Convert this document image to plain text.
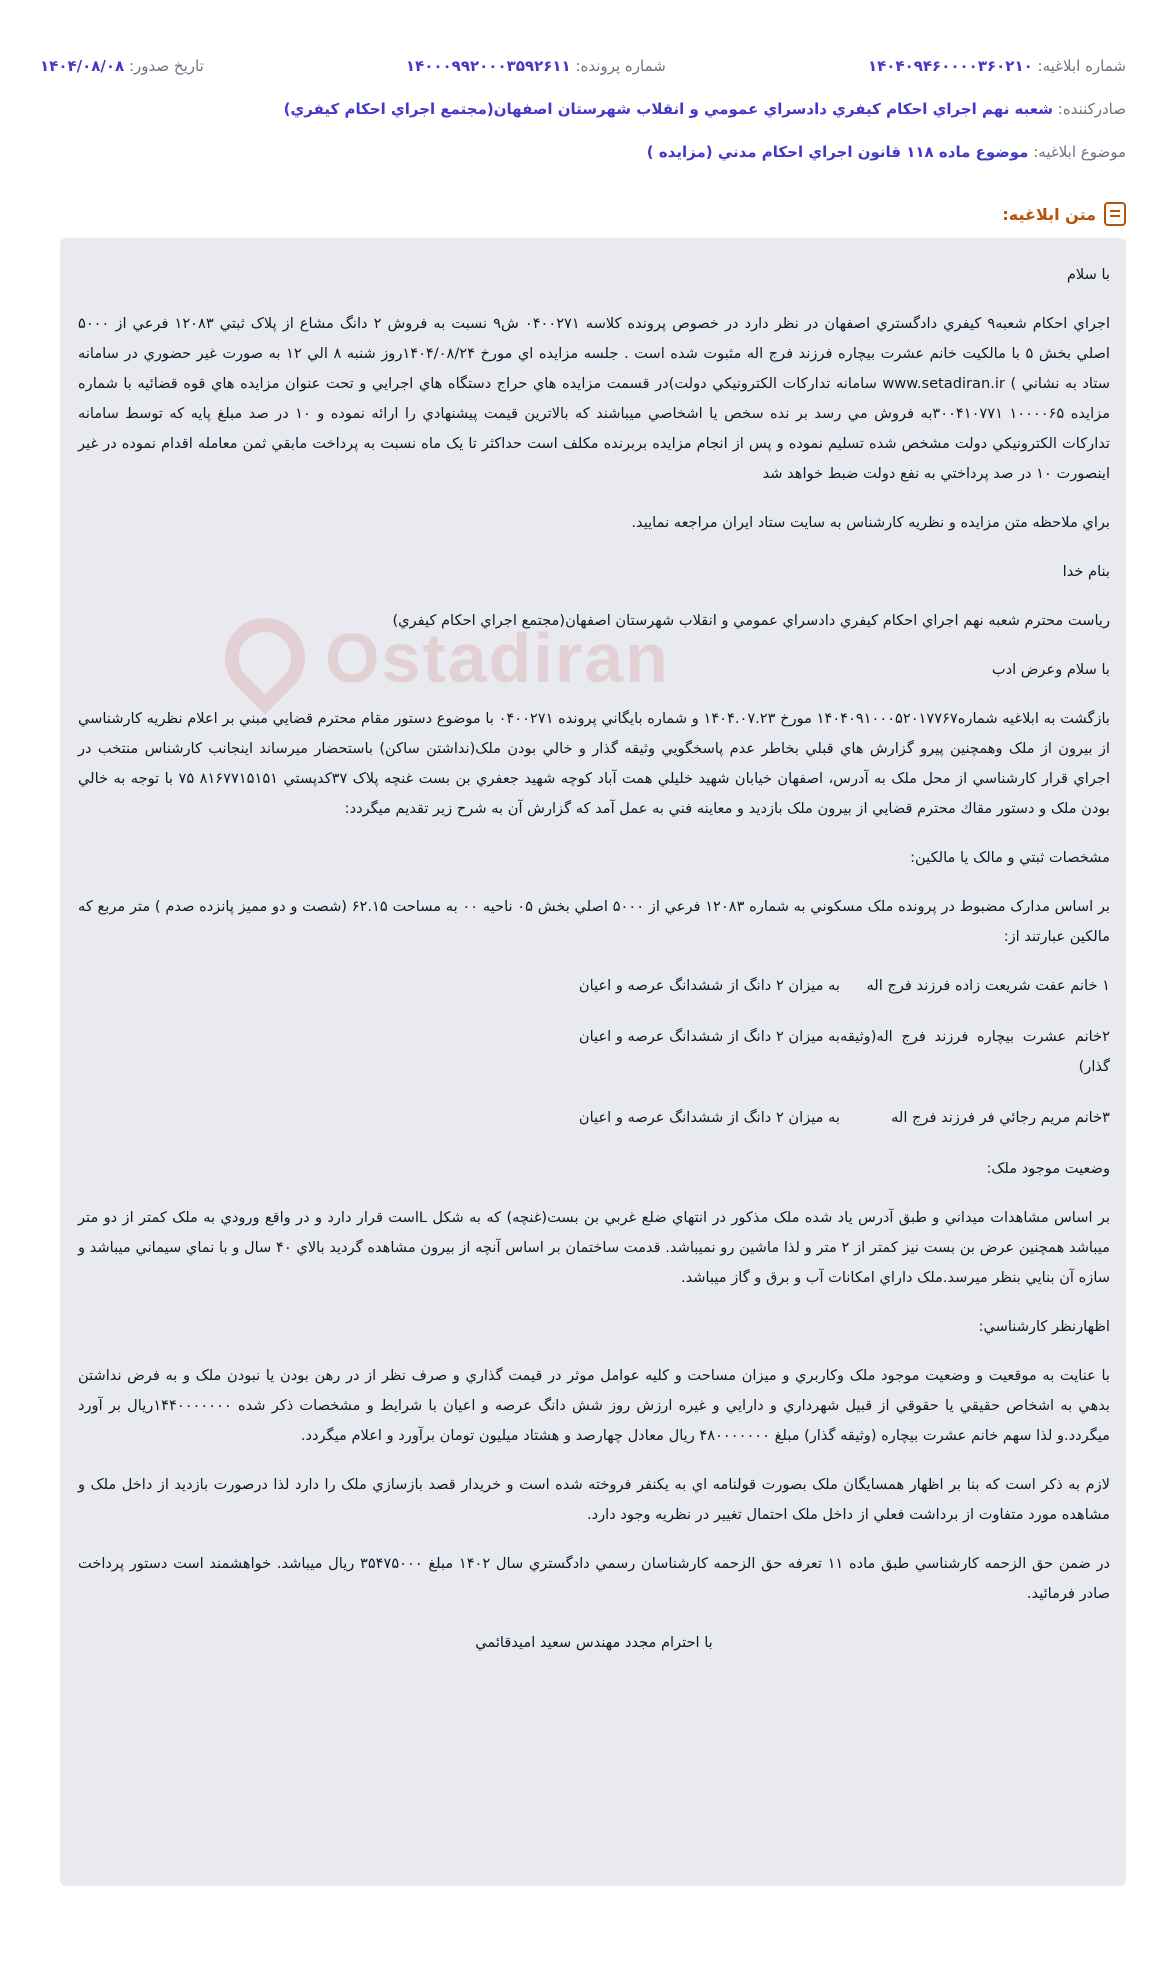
شماره ابلاغيه: ۱۴۰۴۰۹۴۶۰۰۰۰۳۶۰۲۱۰
شماره پرونده: ۱۴۰۰۰۹۹۲۰۰۰۳۵۹۲۶۱۱
تاريخ صدور: ۱۴۰۴/۰۸/۰۸
صادرکننده: شعبه نهم اجراي احکام کيفري دادسراي عمومي و انقلاب شهرستان اصفهان(مجتمع اجراي احکام کيفري)
موضوع ابلاغيه: موضوع ماده ۱۱۸ قانون اجراي احکام مدني (مزايده )
متن ابلاغيه:
Ostadiran

با سلام

اجراي احکام شعبه۹ کيفري دادگستري اصفهان در نظر دارد در خصوص پرونده کلاسه ۰۴۰۰۲۷۱ ش۹ نسبت به فروش ۲ دانگ مشاع از پلاک ثبتي ۱۲۰۸۳ فرعي از ۵۰۰۰ اصلي بخش ۵ با مالکيت خانم عشرت بيچاره فرزند فرج اله مثبوت شده است . جلسه مزايده اي مورخ ۱۴۰۴/۰۸/۲۴روز شنبه ۸ الي ۱۲ به صورت غير حضوري در سامانه ستاد به نشاني ) www.setadiran.ir سامانه تدارکات الکترونيکي دولت)در قسمت مزايده هاي حراج دستگاه هاي اجرايي و تحت عنوان مزايده هاي قوه قضائيه با شماره مزايده ۱۰۰۰۰۶۵ ۳۰۰۴۱۰۷۷۱به فروش مي رسد بر نده سخص يا اشخاصي ميباشند که بالاترين قيمت پيشنهادي را ارائه نموده و ۱۰ در صد مبلغ پايه که توسط سامانه تدارکات الکترونيکي دولت مشخص شده تسليم نموده و پس از انجام مزايده بربرنده مکلف است حداکثر تا يک ماه نسبت به پرداخت مابقي ثمن معامله اقدام نموده در غير اينصورت ۱۰ در صد پرداختي به نفع دولت ضبط خواهد شد

براي ملاحظه متن مزايده و نظريه کارشناس به سايت ستاد ايران مراجعه نماييد.

بنام خدا

رياست محترم شعبه نهم اجراي احکام کيفري دادسراي عمومي و انقلاب شهرستان اصفهان(مجتمع اجراي احکام کيفري)

با سلام وعرض ادب

بازگشت به ابلاغيه شماره۱۴۰۴۰۹۱۰۰۰۵۲۰۱۷۷۶۷ مورخ ۱۴۰۴.۰۷.۲۳ و شماره بايگاني پرونده ۰۴۰۰۲۷۱ با موضوع دستور مقام محترم قضايي مبني بر اعلام نظريه کارشناسي از بيرون از ملک وهمچنين پيرو گزارش هاي قبلي بخاطر عدم پاسخگويي وثيقه گذار و خالي بودن ملک(نداشتن ساکن) باستحضار ميرساند اينجانب کارشناس منتخب در اجراي قرار کارشناسي از محل ملک به آدرس، اصفهان خيابان شهيد خليلي همت آباد کوچه شهيد جعفري بن بست غنچه پلاک ۳۷کدپستي ۸۱۶۷۷۱۵۱۵۱ ۷۵ با توجه به خالي بودن ملک و دستور مقاك محترم قضايي از بيرون ملک بازديد و معاينه فني به عمل آمد که گزارش آن به شرح زير تقديم ميگردد:

مشخصات ثبتي و مالک يا مالکين:

بر اساس مدارک مضبوط در پرونده ملک مسکوني به شماره ۱۲۰۸۳ فرعي از ۵۰۰۰ اصلي بخش ۰۵ ناحيه ۰۰ به مساحت ۶۲.۱۵ (شصت و دو مميز پانزده صدم ) متر مربع که مالکين عبارتند از:

۱ خانم عفت شريعت زاده فرزند فرج اله
به ميزان ۲ دانگ از ششدانگ عرصه و اعيان
۲خانم عشرت بيچاره فرزند فرج اله(وثيقه گذار)
به ميزان ۲ دانگ از ششدانگ عرصه و اعيان
۳خانم مريم رجائي فر فرزند فرج اله
به ميزان ۲ دانگ از ششدانگ عرصه و اعيان

وضعيت موجود ملک:

بر اساس مشاهدات ميداني و طبق آدرس ياد شده ملک مذکور در انتهاي ضلع غربي بن بست(غنچه) که به شکل Lاست قرار دارد و در واقع ورودي به ملک کمتر از دو متر ميباشد همچنين عرض بن بست نيز کمتر از ۲ متر و لذا ماشين رو نميباشد. قدمت ساختمان بر اساس آنچه از بيرون مشاهده گرديد بالاي ۴۰ سال و با نماي سيماني ميباشد و سازه آن بنايي بنظر ميرسد.ملک داراي امکانات آب و برق و گاز ميباشد.

اظهارنظر کارشناسي:

با عنايت به موقعيت و وضعيت موجود ملک وکاربري و ميزان مساحت و کليه عوامل موثر در قيمت گذاري و صرف نظر از در رهن بودن يا نبودن ملک و به فرض نداشتن بدهي به اشخاص حقيقي يا حقوقي از قبيل شهرداري و دارايي و غيره ارزش روز شش دانگ عرصه و اعيان با شرايط و مشخصات ذکر شده ۱۴۴۰۰۰۰۰۰۰ريال بر آورد ميگردد.و لذا سهم خانم عشرت بيچاره (وثيقه گذار) مبلغ ۴۸۰۰۰۰۰۰۰ ريال معادل چهارصد و هشتاد ميليون تومان برآورد و اعلام ميگردد.

لازم به ذکر است که بنا بر اظهار همسايگان ملک بصورت قولنامه اي به يکنفر فروخته شده است و خريدار قصد بازسازي ملک را دارد لذا درصورت بازديد از داخل ملک و مشاهده مورد متفاوت از برداشت فعلي از داخل ملک احتمال تغيير در نظريه وجود دارد.

در ضمن حق الزحمه کارشناسي طبق ماده ۱۱ تعرفه حق الزحمه کارشناسان رسمي دادگستري سال ۱۴۰۲ مبلغ ۳۵۴۷۵۰۰۰ ريال ميباشد. خواهشمند است دستور پرداخت صادر فرمائيد.

با احترام مجدد مهندس سعيد اميدقائمي
